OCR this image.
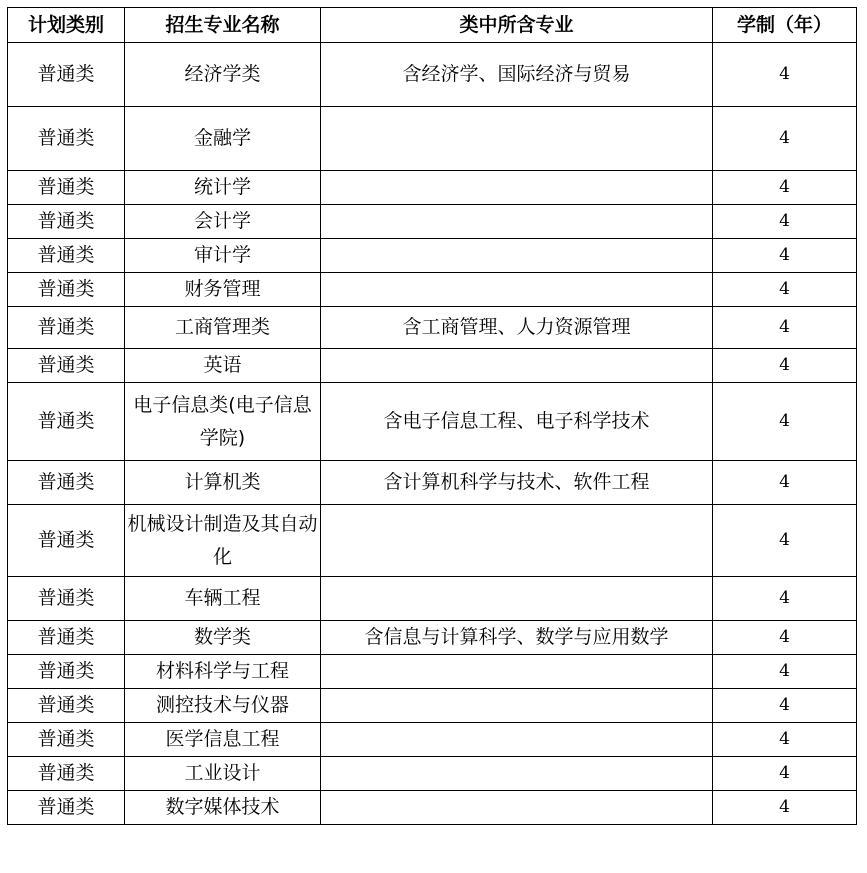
计划类别	招生专业名称	类中所含专业	学制（年）
普通类	经济学类	含经济学、国际经济与贸易	4
普通类	金融学		4
普通类	统计学		4
普通类	会计学		4
普通类	审计学		4
普通类	财务管理		4
普通类	工商管理类	含工商管理、人力资源管理	4
普通类	英语		4
普通类	电子信息类(电子信息学院)	含电子信息工程、电子科学技术	4
普通类	计算机类	含计算机科学与技术、软件工程	4
普通类	机械设计制造及其自动化		4
普通类	车辆工程		4
普通类	数学类	含信息与计算科学、数学与应用数学	4
普通类	材料科学与工程		4
普通类	测控技术与仪器		4
普通类	医学信息工程		4
普通类	工业设计		4
普通类	数字媒体技术		4
